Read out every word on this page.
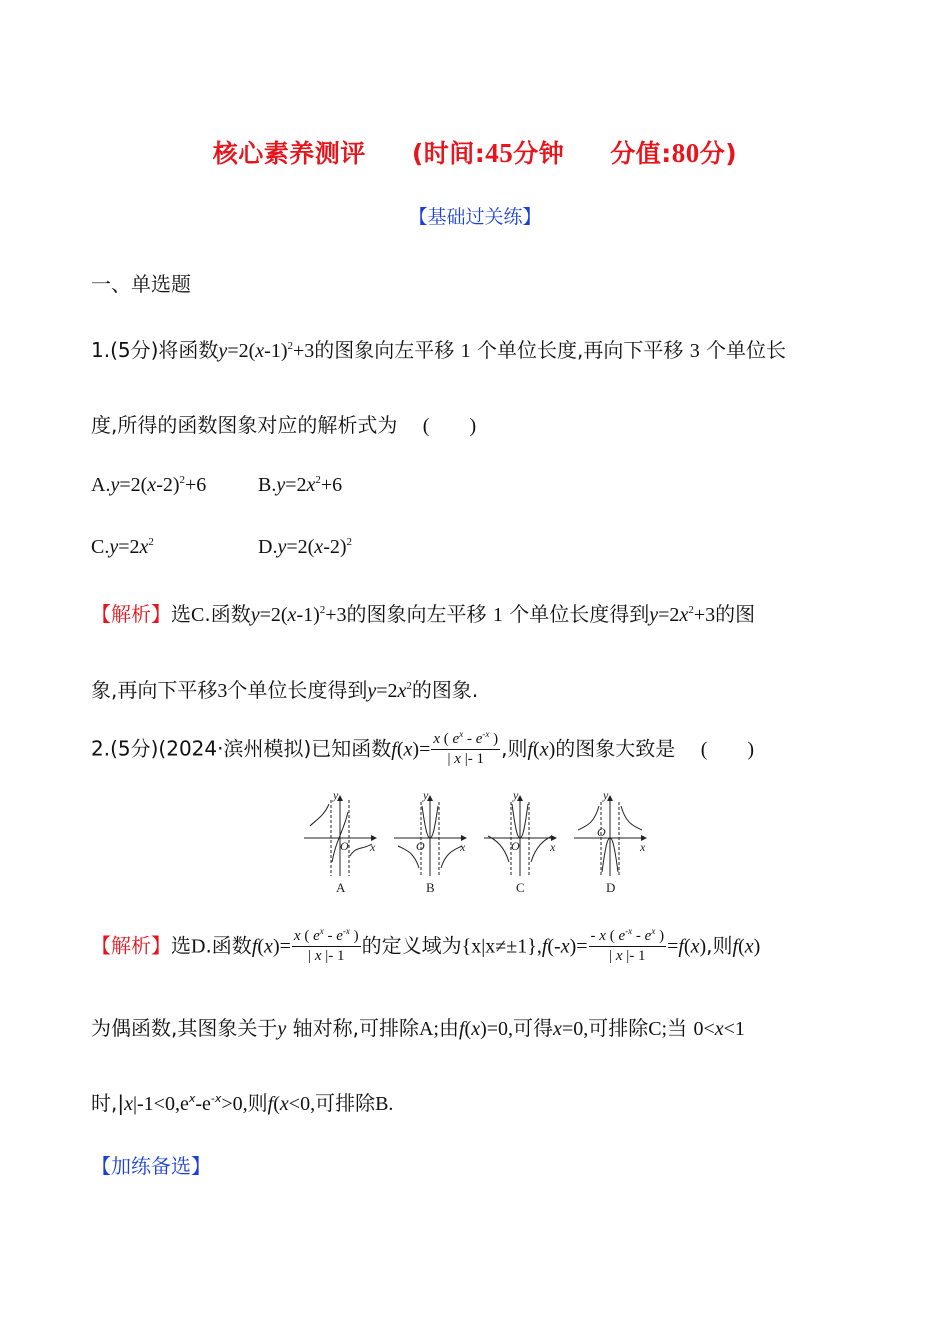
核心素养测评 (时间:45分钟 分值:80分)
【基础过关练】
一、单选题
1.(5分)将函数$y=2(x-1)^2+3$的图象向左平移 1 个单位长度,再向下平移 3 个单位长
度,所得的函数图象对应的解析式为 (　　)
$A.y=2(x-2)^2+6$	$B.y=2x^2+6$
$C.y=2x^2$	$D.y=2(x-2)^2$
【解析】选C.函数$y=2(x-1)^2+3$的图象向左平移 1 个单位长度得到$y=2x^2+3$的图
象,再向下平移3个单位长度得到$y=2x^2$的图象.
2.(5分)(2024·滨州模拟)已知函数$f(x)= \frac{x ( e^x - e^{-x} )}{| x |- 1}$ ,则f(x)的图象大致是 (　　)
y
x
O
y
x
O
y
x
O
y
x
O
A	B	C	D
【解析】选D.函数$f(x)= \frac{x ( e^x - e^{-x} )}{| x |- 1}$ 的定义域为$\{x|x\ne\pm 1\},f(-x)= \frac{- x ( e^{-x} - e^x )}{| x |- 1} =f(x)$,则f(x)
为偶函数,其图象关于y 轴对称,可排除A;由f(x)=0,可得x=0,可排除C;当 0<x<1
时$,|x|-1<0,e^x-e^{-x}>0$,则f(x<0,可排除B.
【加练备选】
